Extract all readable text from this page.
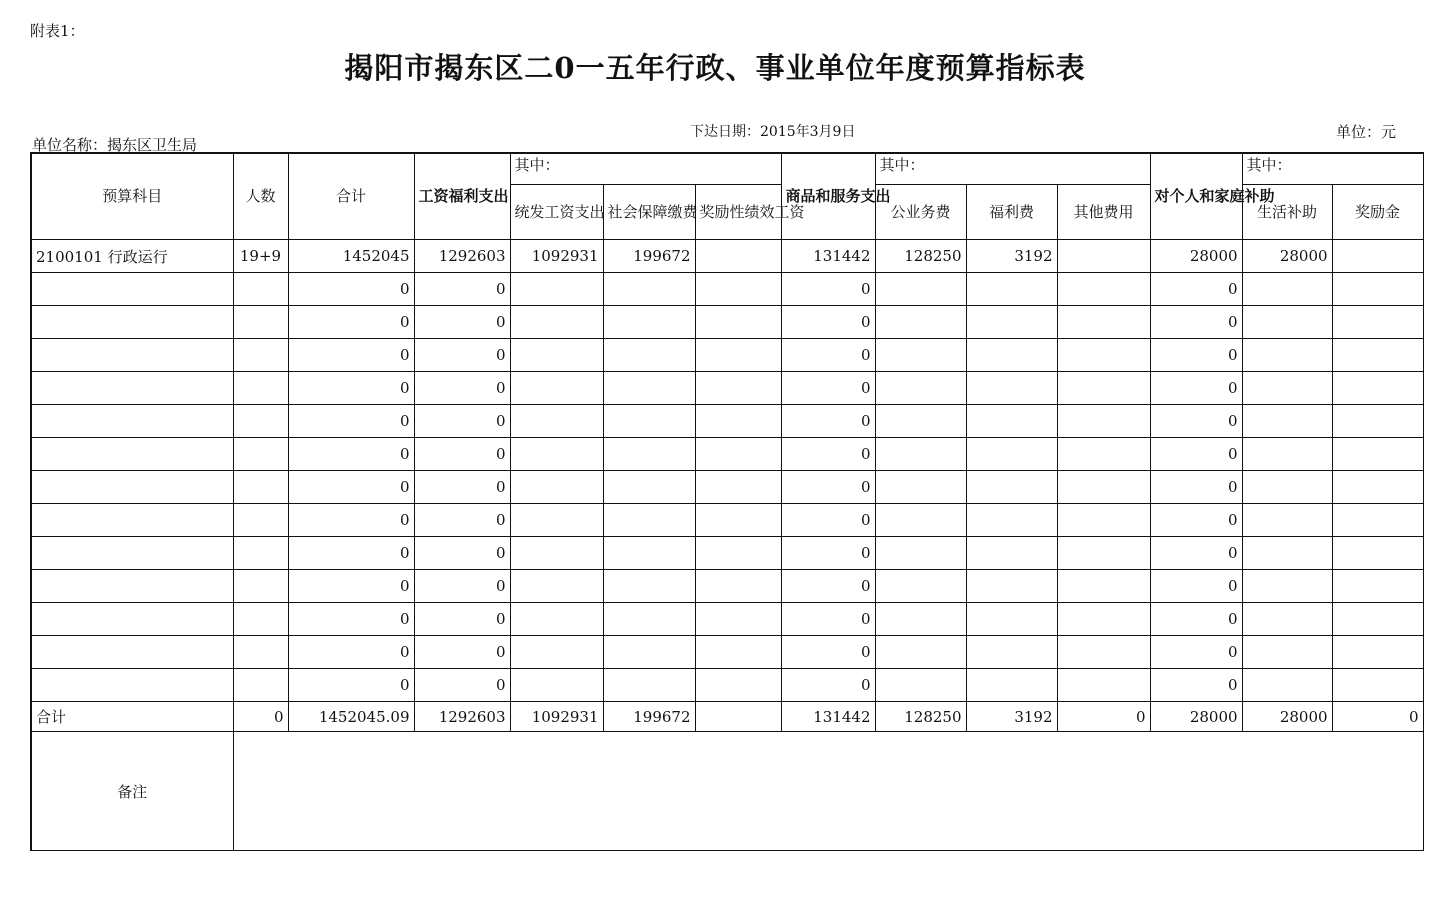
附表1：
揭阳市揭东区二0一五年行政、事业单位年度预算指标表
单位名称：揭东区卫生局
下达日期：2015年3月9日	单位：元
预算科目	人数	合计	工资福利支出	其中：			商品和服务支出	其中：			对个人和家庭补助	其中：	
				统发工资支出	社会保障缴费	奖励性绩效工资		公业务费	福利费	其他费用		生活补助	奖励金
2100101 行政运行	19+9	1452045	1292603	1092931	199672		131442	128250	3192		28000	28000	
		0	0				0				0		
		0	0				0				0		
		0	0				0				0		
		0	0				0				0		
		0	0				0				0		
		0	0				0				0		
		0	0				0				0		
		0	0				0				0		
		0	0				0				0		
		0	0				0				0		
		0	0				0				0		
		0	0				0				0		
		0	0				0				0		
合计	0	1452045.09	1292603	1092931	199672		131442	128250	3192	0	28000	28000	0
备注													
